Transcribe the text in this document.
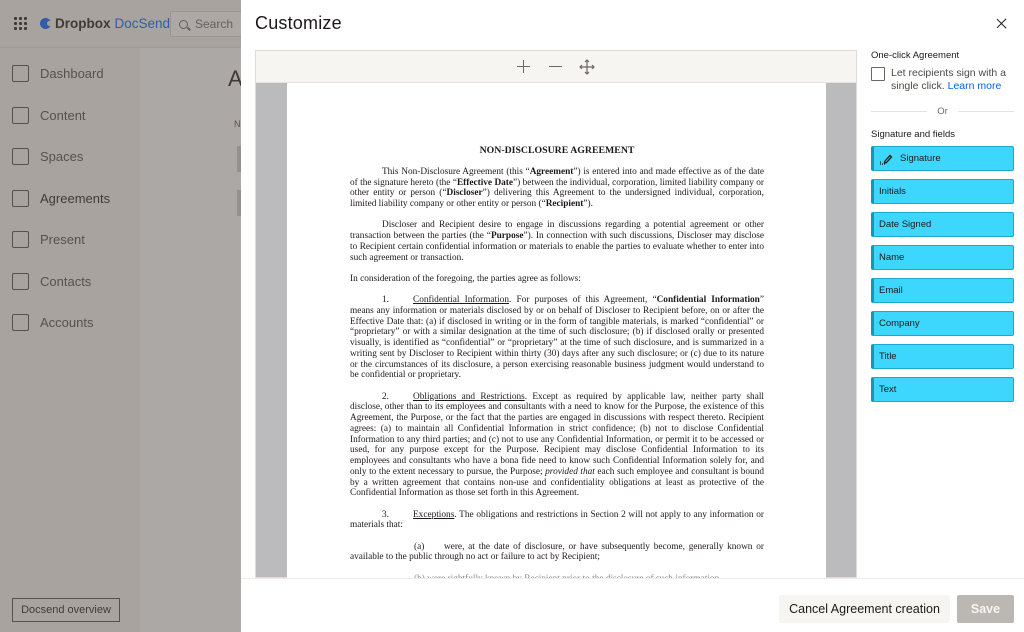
Customize
NON-DISCLOSURE AGREEMENT
This Non-Disclosure Agreement (this “Agreement”) is entered into and made effective as of the date of the signature hereto (the “Effective Date”) between the individual, corporation, limited liability company or other entity or person (“Discloser”) delivering this Agreement to the undersigned individual, corporation, limited liability company or other entity or person (“Recipient”).
Discloser and Recipient desire to engage in discussions regarding a potential agreement or other transaction between the parties (the “Purpose”). In connection with such discussions, Discloser may disclose to Recipient certain confidential information or materials to enable the parties to evaluate whether to enter into such agreement or transaction.
In consideration of the foregoing, the parties agree as follows:
1.	Confidential Information. For purposes of this Agreement, “Confidential Information” means any information or materials disclosed by or on behalf of Discloser to Recipient before, on or after the Effective Date that: (a) if disclosed in writing or in the form of tangible materials, is marked “confidential” or “proprietary” or with a similar designation at the time of such disclosure; (b) if disclosed orally or presented visually, is identified as “confidential” or “proprietary” at the time of such disclosure, and is summarized in a writing sent by Discloser to Recipient within thirty (30) days after any such disclosure; or (c) due to its nature or the circumstances of its disclosure, a person exercising reasonable business judgment would understand to be confidential or proprietary.
2.	Obligations and Restrictions. Except as required by applicable law, neither party shall disclose, other than to its employees and consultants with a need to know for the Purpose, the existence of this Agreement, the Purpose, or the fact that the parties are engaged in discussions with respect thereto. Recipient agrees: (a) to maintain all Confidential Information in strict confidence; (b) not to disclose Confidential Information to any third parties; and (c) not to use any Confidential Information, or permit it to be accessed or used, for any purpose except for the Purpose. Recipient may disclose Confidential Information to its employees and consultants who have a bona fide need to know such Confidential Information solely for, and only to the extent necessary to pursue, the Purpose; provided that each such employee and consultant is bound by a written agreement that contains non-use and confidentiality obligations at least as protective of the Confidential Information as those set forth in this Agreement.
3.	Exceptions. The obligations and restrictions in Section 2 will not apply to any information or materials that:
(a) were, at the date of disclosure, or have subsequently become, generally known or available to the public through no act or failure to act by Recipient;
One-click Agreement
Let recipients sign with a single click. Learn more
Or
Signature and fields
Signature
Initials
Date Signed
Name
Email
Company
Title
Text
Cancel Agreement creation	Save
